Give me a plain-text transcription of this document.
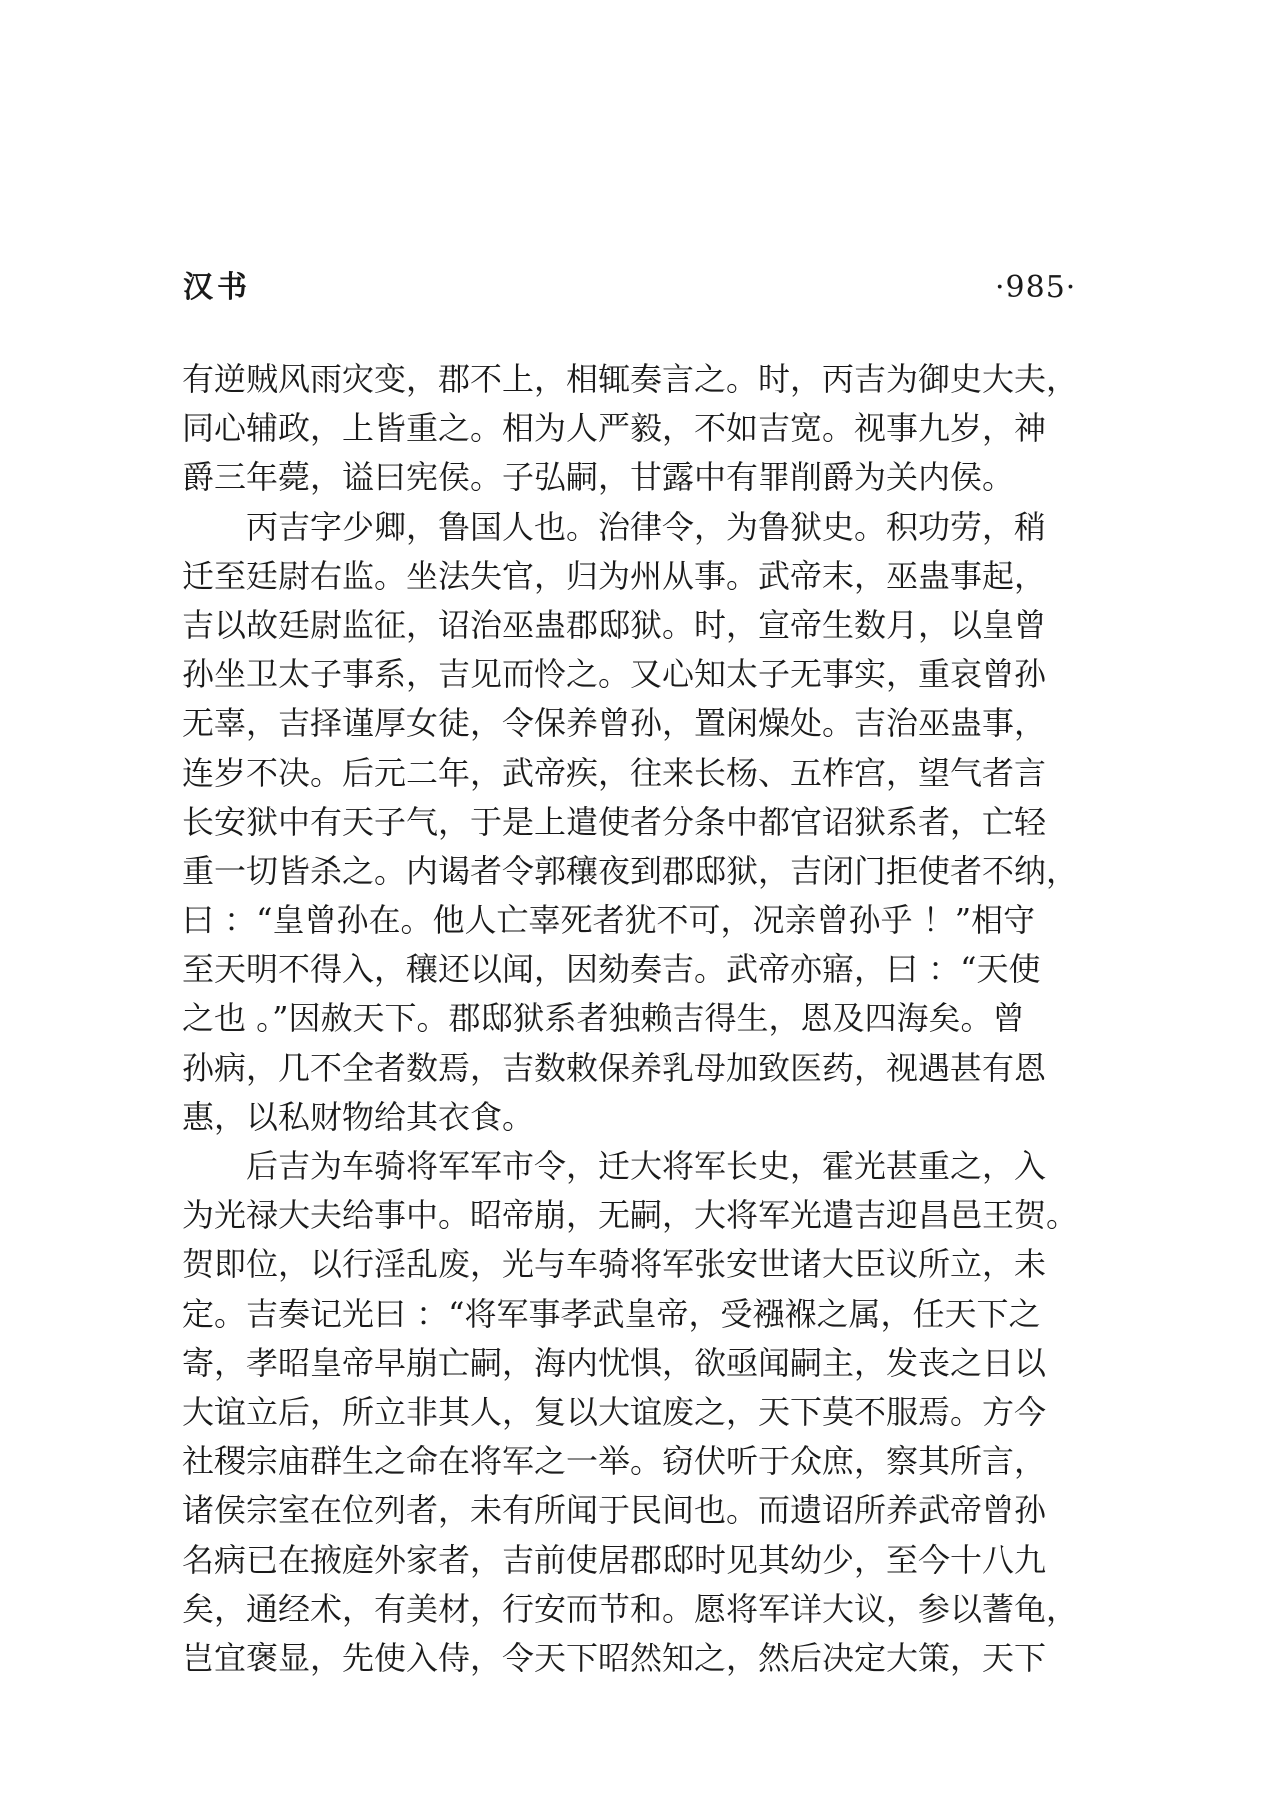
汉书	·985·
有逆贼风雨灾变，郡不上，相辄奏言之。时，丙吉为御史大夫，
同心辅政，上皆重之。相为人严毅，不如吉宽。视事九岁，神
爵三年薨，谥曰宪侯。子弘嗣，甘露中有罪削爵为关内侯。
丙吉字少卿，鲁国人也。治律令，为鲁狱史。积功劳，稍
迁至廷尉右监。坐法失官，归为州从事。武帝末，巫蛊事起，
吉以故廷尉监征，诏治巫蛊郡邸狱。时，宣帝生数月，以皇曾
孙坐卫太子事系，吉见而怜之。又心知太子无事实，重哀曾孙
无辜，吉择谨厚女徒，令保养曾孙，置闲燥处。吉治巫蛊事，
连岁不决。后元二年，武帝疾，往来长杨、五柞宫，望气者言
长安狱中有天子气，于是上遣使者分条中都官诏狱系者，亡轻
重一切皆杀之。内谒者令郭穰夜到郡邸狱，吉闭门拒使者不纳，
曰 ：“皇曾孙在。他人亡辜死者犹不可，况亲曾孙乎 ！”相守
至天明不得入，穰还以闻，因劾奏吉。武帝亦寤，曰 ：“天使
之也 。”因赦天下。郡邸狱系者独赖吉得生，恩及四海矣。曾
孙病，几不全者数焉，吉数敕保养乳母加致医药，视遇甚有恩
惠，以私财物给其衣食。
后吉为车骑将军军市令，迁大将军长史，霍光甚重之，入
为光禄大夫给事中。昭帝崩，无嗣，大将军光遣吉迎昌邑王贺。
贺即位，以行淫乱废，光与车骑将军张安世诸大臣议所立，未
定。吉奏记光曰 ：“将军事孝武皇帝，受襁褓之属，任天下之
寄，孝昭皇帝早崩亡嗣，海内忧惧，欲亟闻嗣主，发丧之日以
大谊立后，所立非其人，复以大谊废之，天下莫不服焉。方今
社稷宗庙群生之命在将军之一举。窃伏听于众庶，察其所言，
诸侯宗室在位列者，未有所闻于民间也。而遗诏所养武帝曾孙
名病已在掖庭外家者，吉前使居郡邸时见其幼少，至今十八九
矣，通经术，有美材，行安而节和。愿将军详大议，参以蓍龟，
岂宜褒显，先使入侍，令天下昭然知之，然后决定大策，天下
